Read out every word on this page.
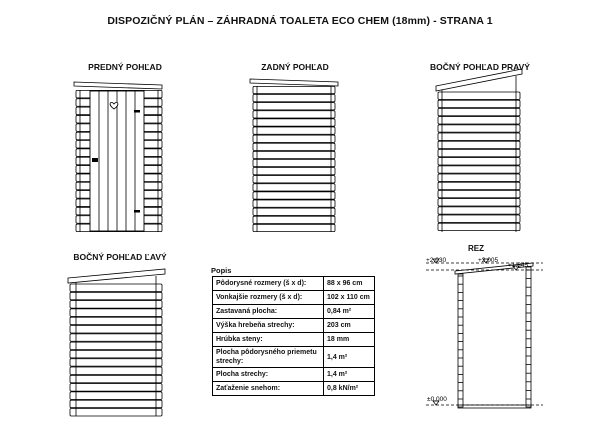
DISPOZIČNÝ PLÁN – ZÁHRADNÁ TOALETA ECO CHEM (18mm) - STRANA 1
PREDNÝ POHĽAD	ZADNÝ POHĽAD	BOČNÝ POHĽAD PRAVÝ
BOČNÝ POHĽAD ĽAVÝ
REZ
+2,030	+2,005
+1,845
±0,000
Popis
Pôdorysné rozmery (š x d):	88 x 96 cm
Vonkajšie rozmery (š x d):	102 x 110 cm
Zastavaná plocha:	0,84 m²
Výška hrebeňa strechy:	203 cm
Hrúbka steny:	18 mm
Plocha pôdorysného priemetu strechy:	1,4 m²
Plocha strechy:	1,4 m²
Zaťaženie snehom:	0,8 kN/m²
